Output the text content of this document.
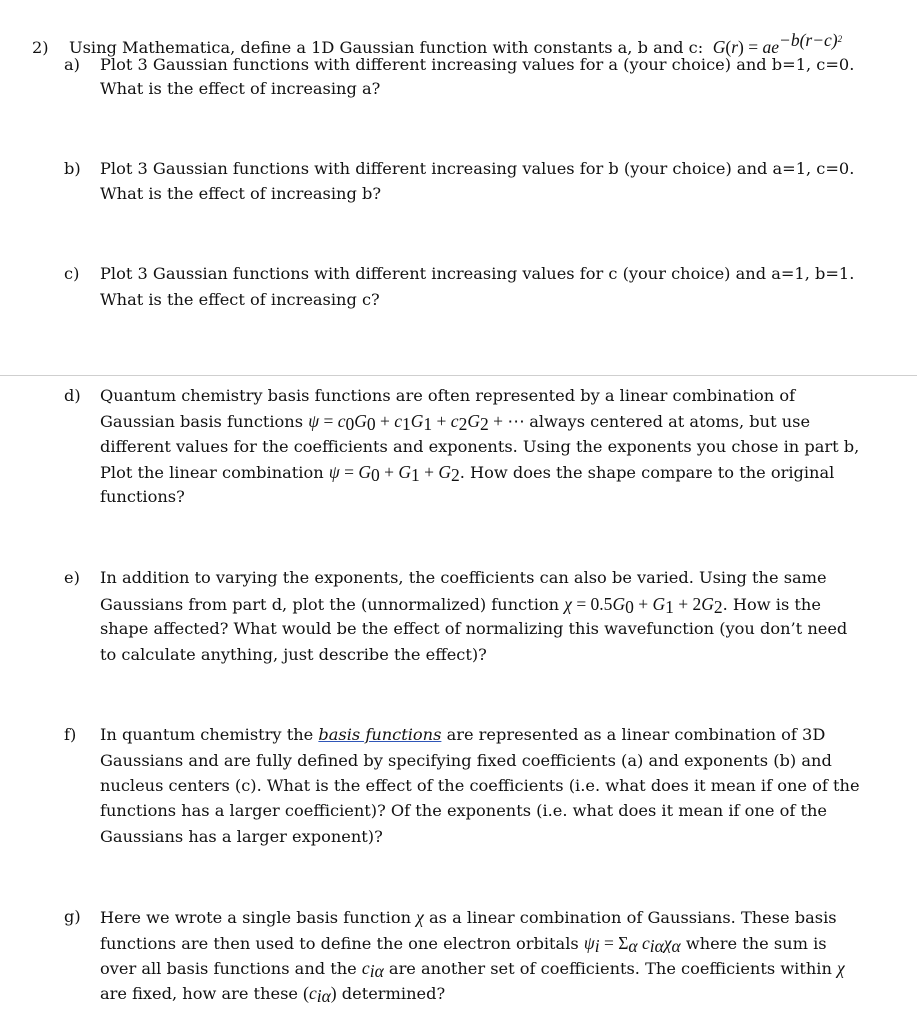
2) Using Mathematica, define a 1D Gaussian function with constants a, b and c:  $G(r) = ae^{-b(r-c)^2}$
a) Plot 3 Gaussian functions with different increasing values for a (your choice) and b=1, c=0.
What is the effect of increasing a?
b) Plot 3 Gaussian functions with different increasing values for b (your choice) and a=1, c=0.
What is the effect of increasing b?
c) Plot 3 Gaussian functions with different increasing values for c (your choice) and a=1, b=1.
What is the effect of increasing c?
d) Quantum chemistry basis functions are often represented by a linear combination of
Gaussian basis functions $\psi = c_0G_0 + c_1G_1 + c_2G_2$ + ⋯ always centered at atoms, but use
different values for the coefficients and exponents. Using the exponents you chose in part b,
Plot the linear combination $\psi = G_0 + G_1 + G_2$. How does the shape compare to the original
functions?
e) In addition to varying the exponents, the coefficients can also be varied. Using the same
Gaussians from part d, plot the (unnormalized) function $\chi = 0.5G_0 + G_1 + 2G_2$. How is the
shape affected? What would be the effect of normalizing this wavefunction (you don’t need
to calculate anything, just describe the effect)?
f) In quantum chemistry the basis functions are represented as a linear combination of 3D
Gaussians and are fully defined by specifying fixed coefficients (a) and exponents (b) and
nucleus centers (c). What is the effect of the coefficients (i.e. what does it mean if one of the
functions has a larger coefficient)? Of the exponents (i.e. what does it mean if one of the
Gaussians has a larger exponent)?
g) Here we wrote a single basis function χ as a linear combination of Gaussians. These basis
functions are then used to define the one electron orbitals $\psi_i = \Sigma_\alpha$ $c_{i\alpha}\chi_\alpha$ where the sum is
over all basis functions and the $c_{i\alpha}$ are another set of coefficients. The coefficients within χ
are fixed, how are these $(c_{i\alpha})$ determined?
